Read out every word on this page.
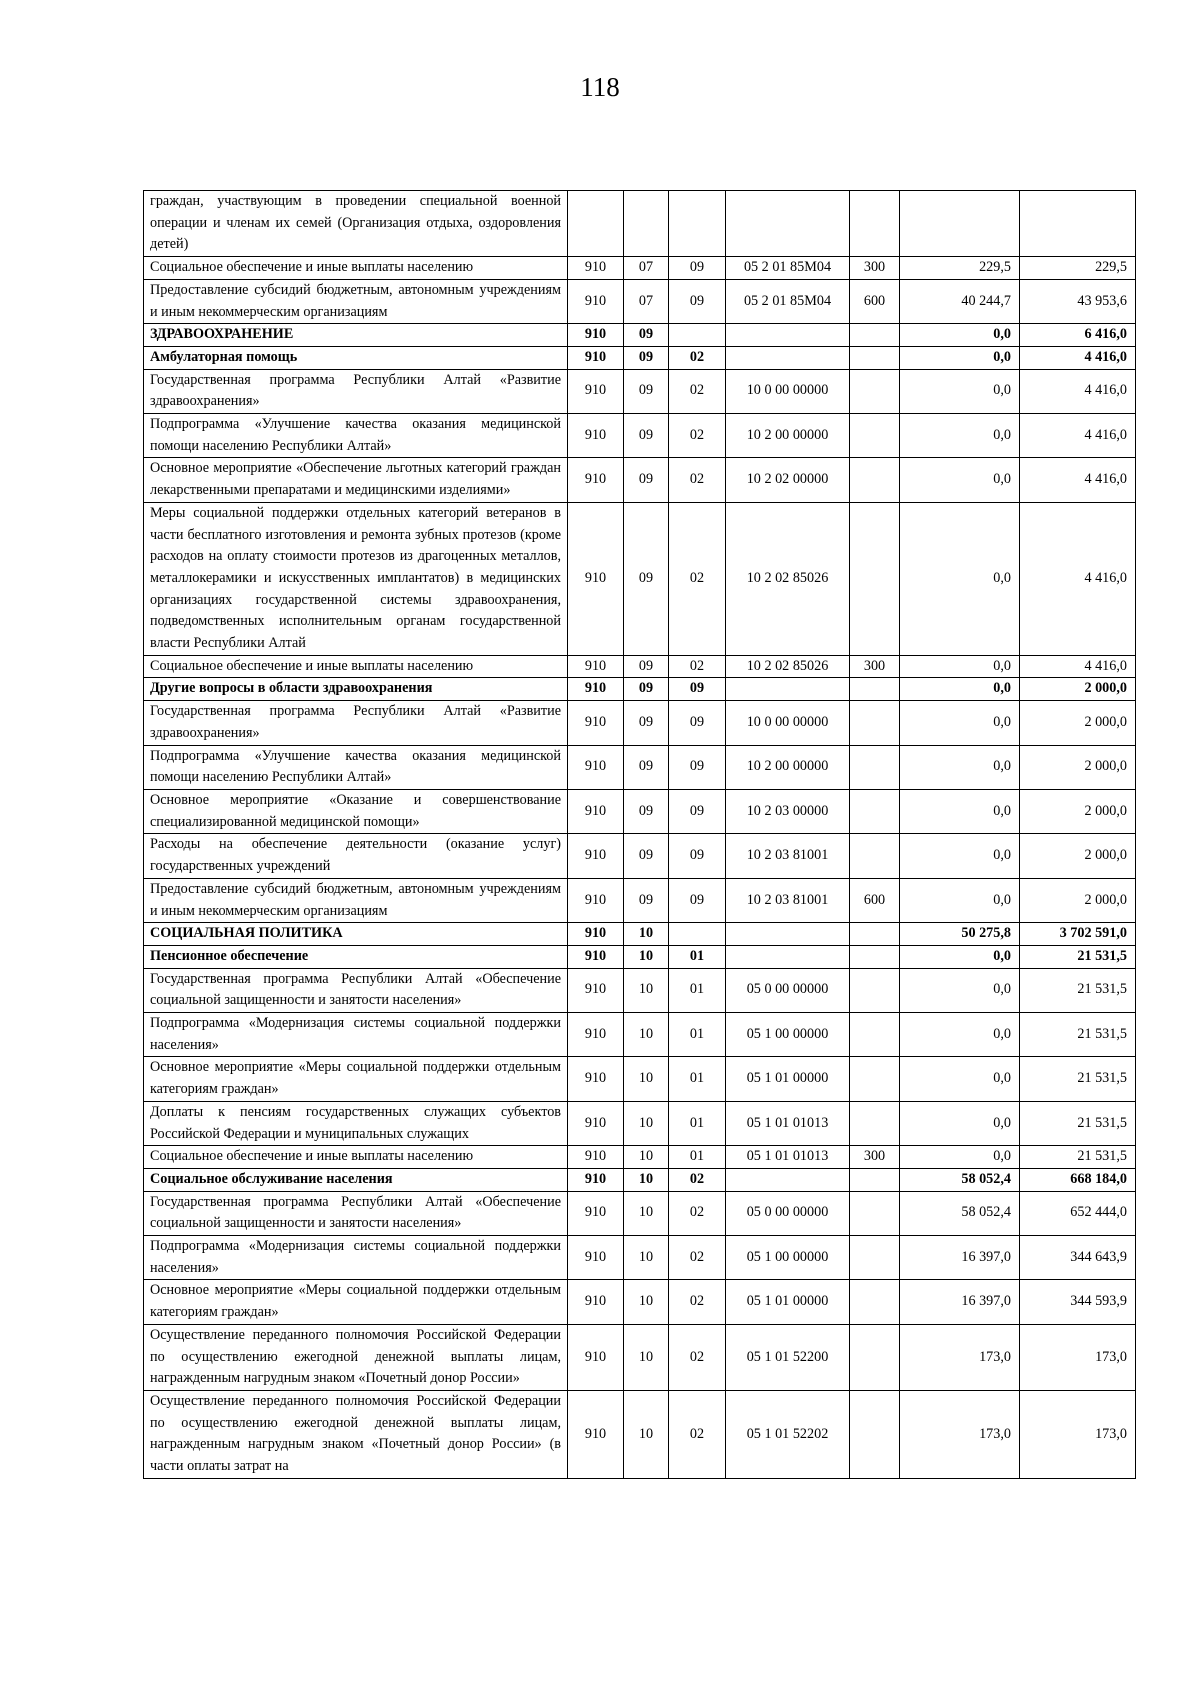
118
граждан, участвующим в проведении специальной военной операции и членам их семей (Организация отдыха, оздоровления детей)							
Социальное обеспечение и иные выплаты населению	910	07	09	05 2 01 85М04	300	229,5	229,5
Предоставление субсидий бюджетным, автономным учреждениям и иным некоммерческим организациям	910	07	09	05 2 01 85М04	600	40 244,7	43 953,6
ЗДРАВООХРАНЕНИЕ	910	09				0,0	6 416,0
Амбулаторная помощь	910	09	02			0,0	4 416,0
Государственная программа Республики Алтай «Развитие здравоохранения»	910	09	02	10 0 00 00000		0,0	4 416,0
Подпрограмма «Улучшение качества оказания медицинской помощи населению Республики Алтай»	910	09	02	10 2 00 00000		0,0	4 416,0
Основное мероприятие «Обеспечение льготных категорий граждан лекарственными препаратами и медицинскими изделиями»	910	09	02	10 2 02 00000		0,0	4 416,0
Меры социальной поддержки отдельных категорий ветеранов в части бесплатного изготовления и ремонта зубных протезов (кроме расходов на оплату стоимости протезов из драгоценных металлов, металлокерамики и искусственных имплантатов) в медицинских организациях государственной системы здравоохранения, подведомственных исполнительным органам государственной власти Республики Алтай	910	09	02	10 2 02 85026		0,0	4 416,0
Социальное обеспечение и иные выплаты населению	910	09	02	10 2 02 85026	300	0,0	4 416,0
Другие вопросы в области здравоохранения	910	09	09			0,0	2 000,0
Государственная программа Республики Алтай «Развитие здравоохранения»	910	09	09	10 0 00 00000		0,0	2 000,0
Подпрограмма «Улучшение качества оказания медицинской помощи населению Республики Алтай»	910	09	09	10 2 00 00000		0,0	2 000,0
Основное мероприятие «Оказание и совершенствование специализированной медицинской помощи»	910	09	09	10 2 03 00000		0,0	2 000,0
Расходы на обеспечение деятельности (оказание услуг) государственных учреждений	910	09	09	10 2 03 81001		0,0	2 000,0
Предоставление субсидий бюджетным, автономным учреждениям и иным некоммерческим организациям	910	09	09	10 2 03 81001	600	0,0	2 000,0
СОЦИАЛЬНАЯ ПОЛИТИКА	910	10				50 275,8	3 702 591,0
Пенсионное обеспечение	910	10	01			0,0	21 531,5
Государственная программа Республики Алтай «Обеспечение социальной защищенности и занятости населения»	910	10	01	05 0 00 00000		0,0	21 531,5
Подпрограмма «Модернизация системы социальной поддержки населения»	910	10	01	05 1 00 00000		0,0	21 531,5
Основное мероприятие «Меры социальной поддержки отдельным категориям граждан»	910	10	01	05 1 01 00000		0,0	21 531,5
Доплаты к пенсиям государственных служащих субъектов Российской Федерации и муниципальных служащих	910	10	01	05 1 01 01013		0,0	21 531,5
Социальное обеспечение и иные выплаты населению	910	10	01	05 1 01 01013	300	0,0	21 531,5
Социальное обслуживание населения	910	10	02			58 052,4	668 184,0
Государственная программа Республики Алтай «Обеспечение социальной защищенности и занятости населения»	910	10	02	05 0 00 00000		58 052,4	652 444,0
Подпрограмма «Модернизация системы социальной поддержки населения»	910	10	02	05 1 00 00000		16 397,0	344 643,9
Основное мероприятие «Меры социальной поддержки отдельным категориям граждан»	910	10	02	05 1 01 00000		16 397,0	344 593,9
Осуществление переданного полномочия Российской Федерации по осуществлению ежегодной денежной выплаты лицам, награжденным нагрудным знаком «Почетный донор России»	910	10	02	05 1 01 52200		173,0	173,0
Осуществление переданного полномочия Российской Федерации по осуществлению ежегодной денежной выплаты лицам, награжденным нагрудным знаком «Почетный донор России» (в части оплаты затрат на	910	10	02	05 1 01 52202		173,0	173,0
